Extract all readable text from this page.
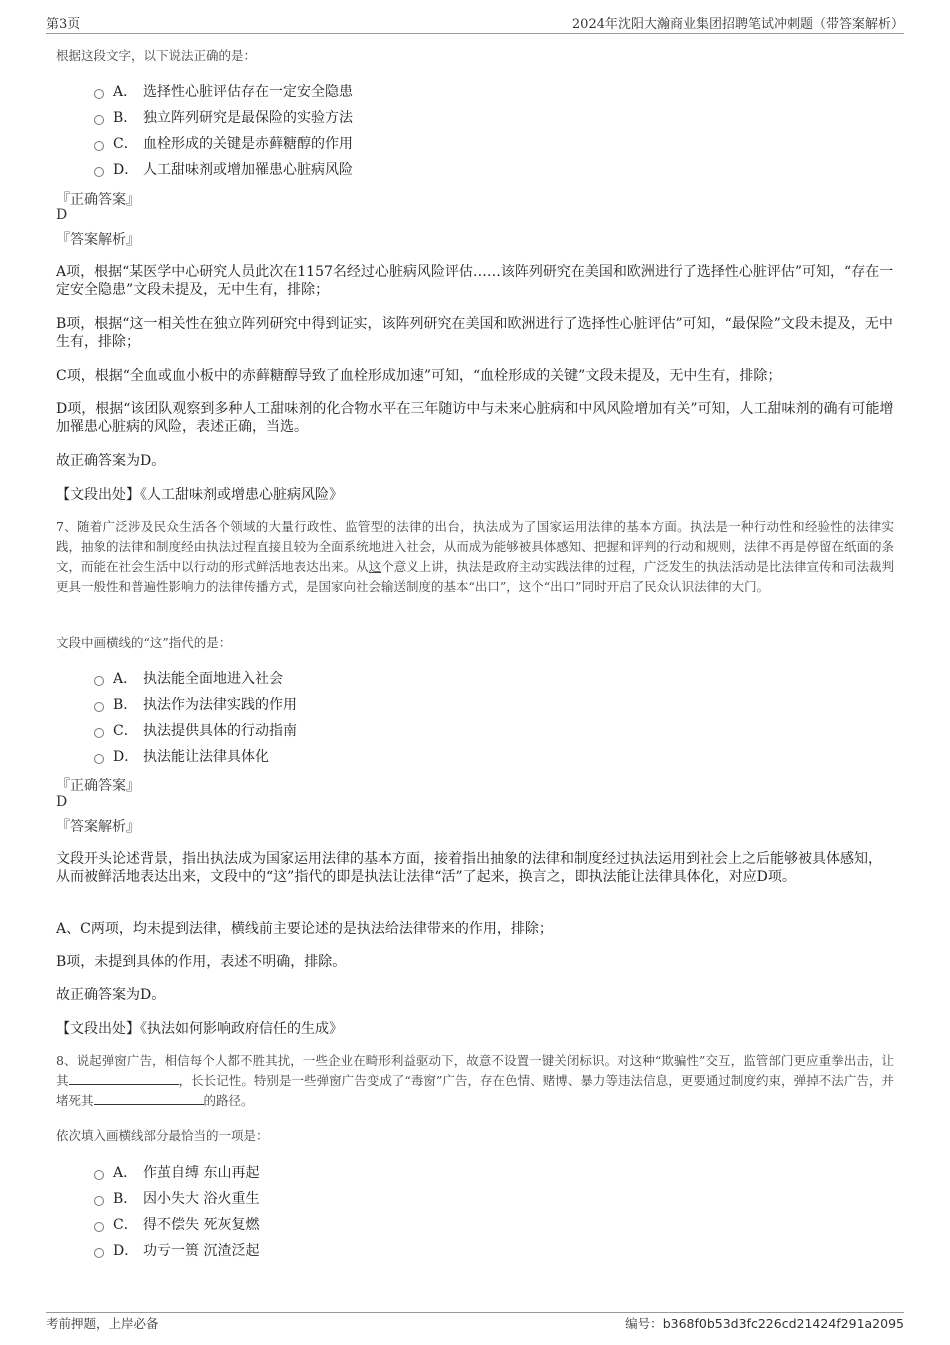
第3页	2024年沈阳大瀚商业集团招聘笔试冲刺题（带答案解析）
根据这段文字，以下说法正确的是：
A． 选择性心脏评估存在一定安全隐患
B． 独立阵列研究是最保险的实验方法
C． 血栓形成的关键是赤藓糖醇的作用
D． 人工甜味剂或增加罹患心脏病风险
『正确答案』
D
『答案解析』
A项，根据“某医学中心研究人员此次在1157名经过心脏病风险评估……该阵列研究在美国和欧洲进行了选择性心脏评估”可知，“存在一定安全隐患”文段未提及，无中生有，排除；
B项，根据“这一相关性在独立阵列研究中得到证实，该阵列研究在美国和欧洲进行了选择性心脏评估”可知，“最保险”文段未提及，无中生有，排除；
C项，根据“全血或血小板中的赤藓糖醇导致了血栓形成加速”可知，“血栓形成的关键”文段未提及，无中生有，排除；
D项，根据“该团队观察到多种人工甜味剂的化合物水平在三年随访中与未来心脏病和中风风险增加有关”可知，人工甜味剂的确有可能增加罹患心脏病的风险，表述正确，当选。
故正确答案为D。
【文段出处】《人工甜味剂或增患心脏病风险》
7、随着广泛涉及民众生活各个领域的大量行政性、监管型的法律的出台，执法成为了国家运用法律的基本方面。执法是一种行动性和经验性的法律实践，抽象的法律和制度经由执法过程直接且较为全面系统地进入社会，从而成为能够被具体感知、把握和评判的行动和规则，法律不再是停留在纸面的条文，而能在社会生活中以行动的形式鲜活地表达出来。从这个意义上讲，执法是政府主动实践法律的过程，广泛发生的执法活动是比法律宣传和司法裁判更具一般性和普遍性影响力的法律传播方式，是国家向社会输送制度的基本“出口”，这个“出口”同时开启了民众认识法律的大门。
文段中画横线的“这”指代的是：
A． 执法能全面地进入社会
B． 执法作为法律实践的作用
C． 执法提供具体的行动指南
D． 执法能让法律具体化
『正确答案』
D
『答案解析』
文段开头论述背景，指出执法成为国家运用法律的基本方面，接着指出抽象的法律和制度经过执法运用到社会上之后能够被具体感知，从而被鲜活地表达出来，文段中的“这”指代的即是执法让法律“活”了起来，换言之，即执法能让法律具体化，对应D项。
A、C两项，均未提到法律，横线前主要论述的是执法给法律带来的作用，排除；
B项，未提到具体的作用，表述不明确，排除。
故正确答案为D。
【文段出处】《执法如何影响政府信任的生成》
8、说起弹窗广告，相信每个人都不胜其扰，一些企业在畸形利益驱动下，故意不设置一键关闭标识。对这种“欺骗性”交互，监管部门更应重拳出击，让其	，长长记性。特别是一些弹窗广告变成了“毒窗”广告，存在色情、赌博、暴力等违法信息，更要通过制度约束，弹掉不法广告，并堵死其	的路径。
依次填入画横线部分最恰当的一项是：
A． 作茧自缚 东山再起
B． 因小失大 浴火重生
C． 得不偿失 死灰复燃
D． 功亏一篑 沉渣泛起
考前押题，上岸必备	编号：b368f0b53d3fc226cd21424f291a2095
